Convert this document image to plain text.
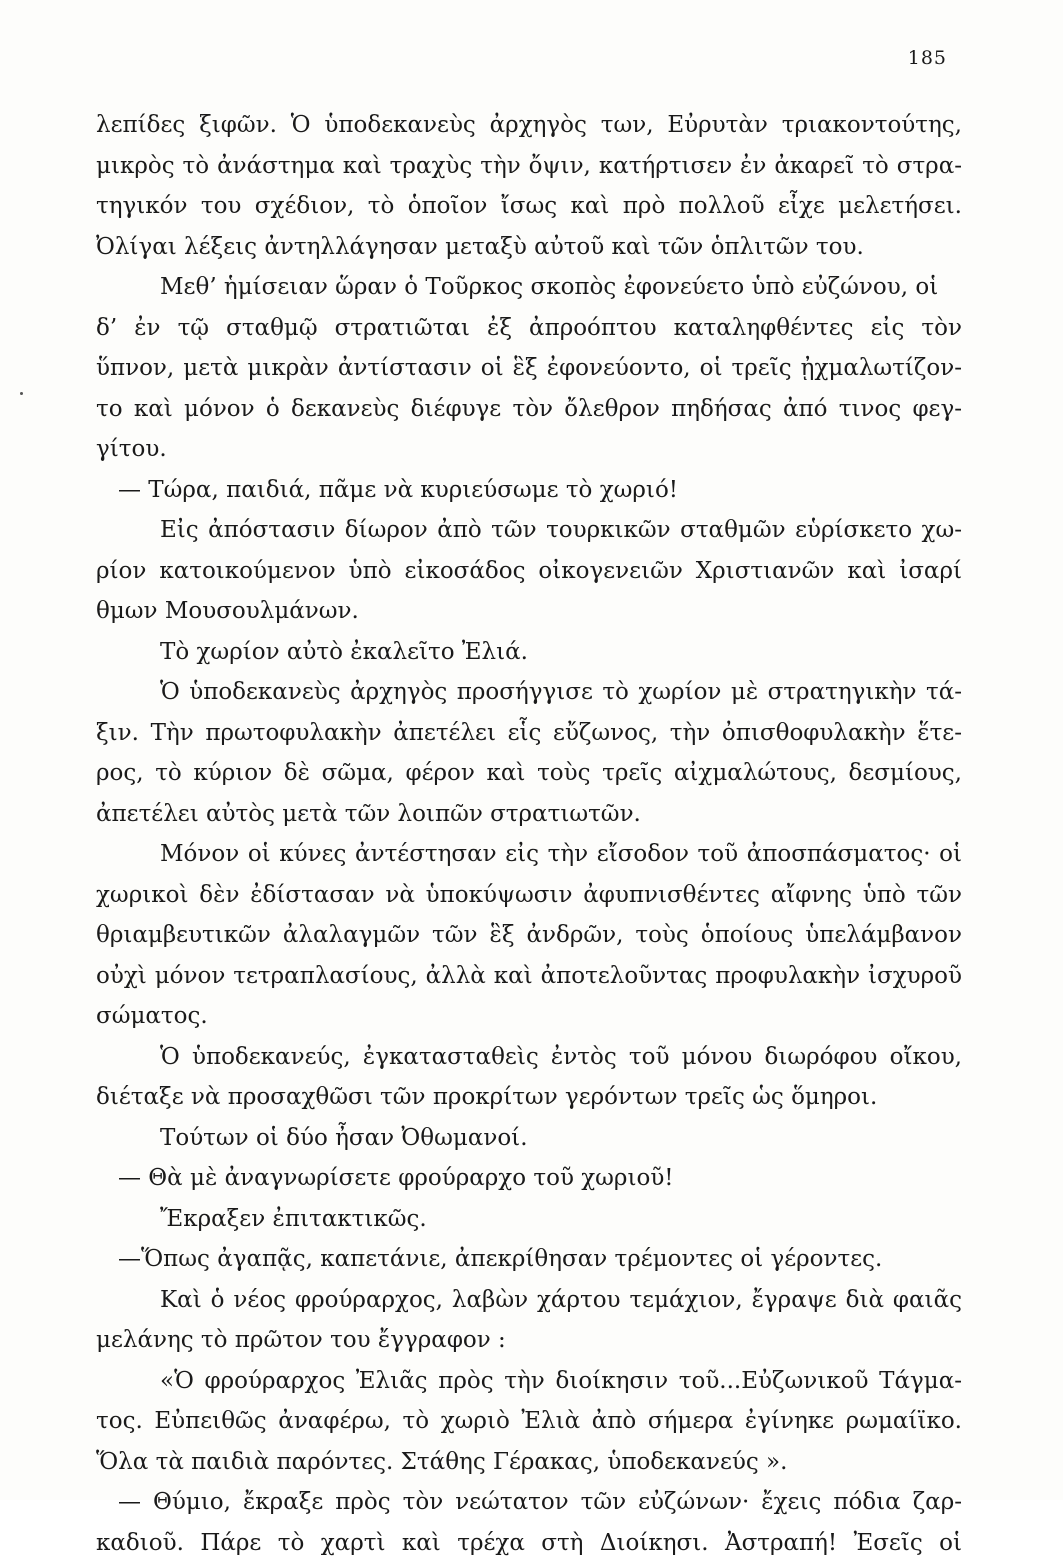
185
λεπίδες ξιφῶν. Ὁ ὑποδεκανεὺς ἀρχηγὸς των, Εὐρυτὰν τριακοντούτης,
μικρὸς τὸ ἀνάστημα καὶ τραχὺς τὴν ὄψιν, κατήρτισεν ἐν ἀκαρεῖ τὸ στρα-
τηγικόν του σχέδιον, τὸ ὁποῖον ἴσως καὶ πρὸ πολλοῦ εἶχε μελετήσει.
Ὀλίγαι λέξεις ἀντηλλάγησαν μεταξὺ αὐτοῦ καὶ τῶν ὁπλιτῶν του.
Μεθ’ ἡμίσειαν ὥραν ὁ Τοῦρκος σκοπὸς ἐφονεύετο ὑπὸ εὐζώνου, οἱ
δ’ ἐν τῷ σταθμῷ στρατιῶται ἐξ ἀπροόπτου καταληφθέντες εἰς τὸν
ὕπνον, μετὰ μικρὰν ἀντίστασιν οἱ ἓξ ἐφονεύοντο, οἱ τρεῖς ᾐχμαλωτίζον-
το καὶ μόνον ὁ δεκανεὺς διέφυγε τὸν ὄλεθρον πηδήσας ἀπό τινος φεγ-
γίτου.
— Τώρα, παιδιά, πᾶμε νὰ κυριεύσωμε τὸ χωριό!
Εἰς ἀπόστασιν δίωρον ἀπὸ τῶν τουρκικῶν σταθμῶν εὑρίσκετο χω-
ρίον κατοικούμενον ὑπὸ εἰκοσάδος οἰκογενειῶν Χριστιανῶν καὶ ἰσαρί
θμων Μουσουλμάνων.
Τὸ χωρίον αὐτὸ ἐκαλεῖτο Ἐλιά.
Ὁ ὑποδεκανεὺς ἀρχηγὸς προσήγγισε τὸ χωρίον μὲ στρατηγικὴν τά-
ξιν. Τὴν πρωτοφυλακὴν ἀπετέλει εἷς εὔζωνος, τὴν ὀπισθοφυλακὴν ἕτε-
ρος, τὸ κύριον δὲ σῶμα, φέρον καὶ τοὺς τρεῖς αἰχμαλώτους, δεσμίους,
ἀπετέλει αὐτὸς μετὰ τῶν λοιπῶν στρατιωτῶν.
Μόνον οἱ κύνες ἀντέστησαν εἰς τὴν εἴσοδον τοῦ ἀποσπάσματος· οἱ
χωρικοὶ δὲν ἐδίστασαν νὰ ὑποκύψωσιν ἀφυπνισθέντες αἴφνης ὑπὸ τῶν
θριαμβευτικῶν ἀλαλαγμῶν τῶν ἓξ ἀνδρῶν, τοὺς ὁποίους ὑπελάμβανον
οὐχὶ μόνον τετραπλασίους, ἀλλὰ καὶ ἀποτελοῦντας προφυλακὴν ἰσχυροῦ
σώματος.
Ὁ ὑποδεκανεύς, ἐγκατασταθεὶς ἐντὸς τοῦ μόνου διωρόφου οἴκου,
διέταξε νὰ προσαχθῶσι τῶν προκρίτων γερόντων τρεῖς ὡς ὅμηροι.
Τούτων οἱ δύο ἦσαν Ὀθωμανοί.
— Θὰ μὲ ἀναγνωρίσετε φρούραρχο τοῦ χωριοῦ!
Ἔκραξεν ἐπιτακτικῶς.
—Ὅπως ἀγαπᾷς, καπετάνιε, ἀπεκρίθησαν τρέμοντες οἱ γέροντες.
Καὶ ὁ νέος φρούραρχος, λαβὼν χάρτου τεμάχιον, ἔγραψε διὰ φαιᾶς
μελάνης τὸ πρῶτον του ἔγγραφον :
«Ὁ φρούραρχος Ἐλιᾶς πρὸς τὴν διοίκησιν τοῦ...Εὐζωνικοῦ Τάγμα-
τος. Εὐπειθῶς ἀναφέρω, τὸ χωριὸ Ἐλιὰ ἀπὸ σήμερα ἐγίνηκε ρωμαίϊκο.
Ὅλα τὰ παιδιὰ παρόντες. Στάθης Γέρακας, ὑποδεκανεύς ».
— Θύμιο, ἔκραξε πρὸς τὸν νεώτατον τῶν εὐζώνων· ἔχεις πόδια ζαρ-
καδιοῦ. Πάρε τὸ χαρτὶ καὶ τρέχα στὴ Διοίκησι. Ἀστραπή! Ἐσεῖς οἱ
